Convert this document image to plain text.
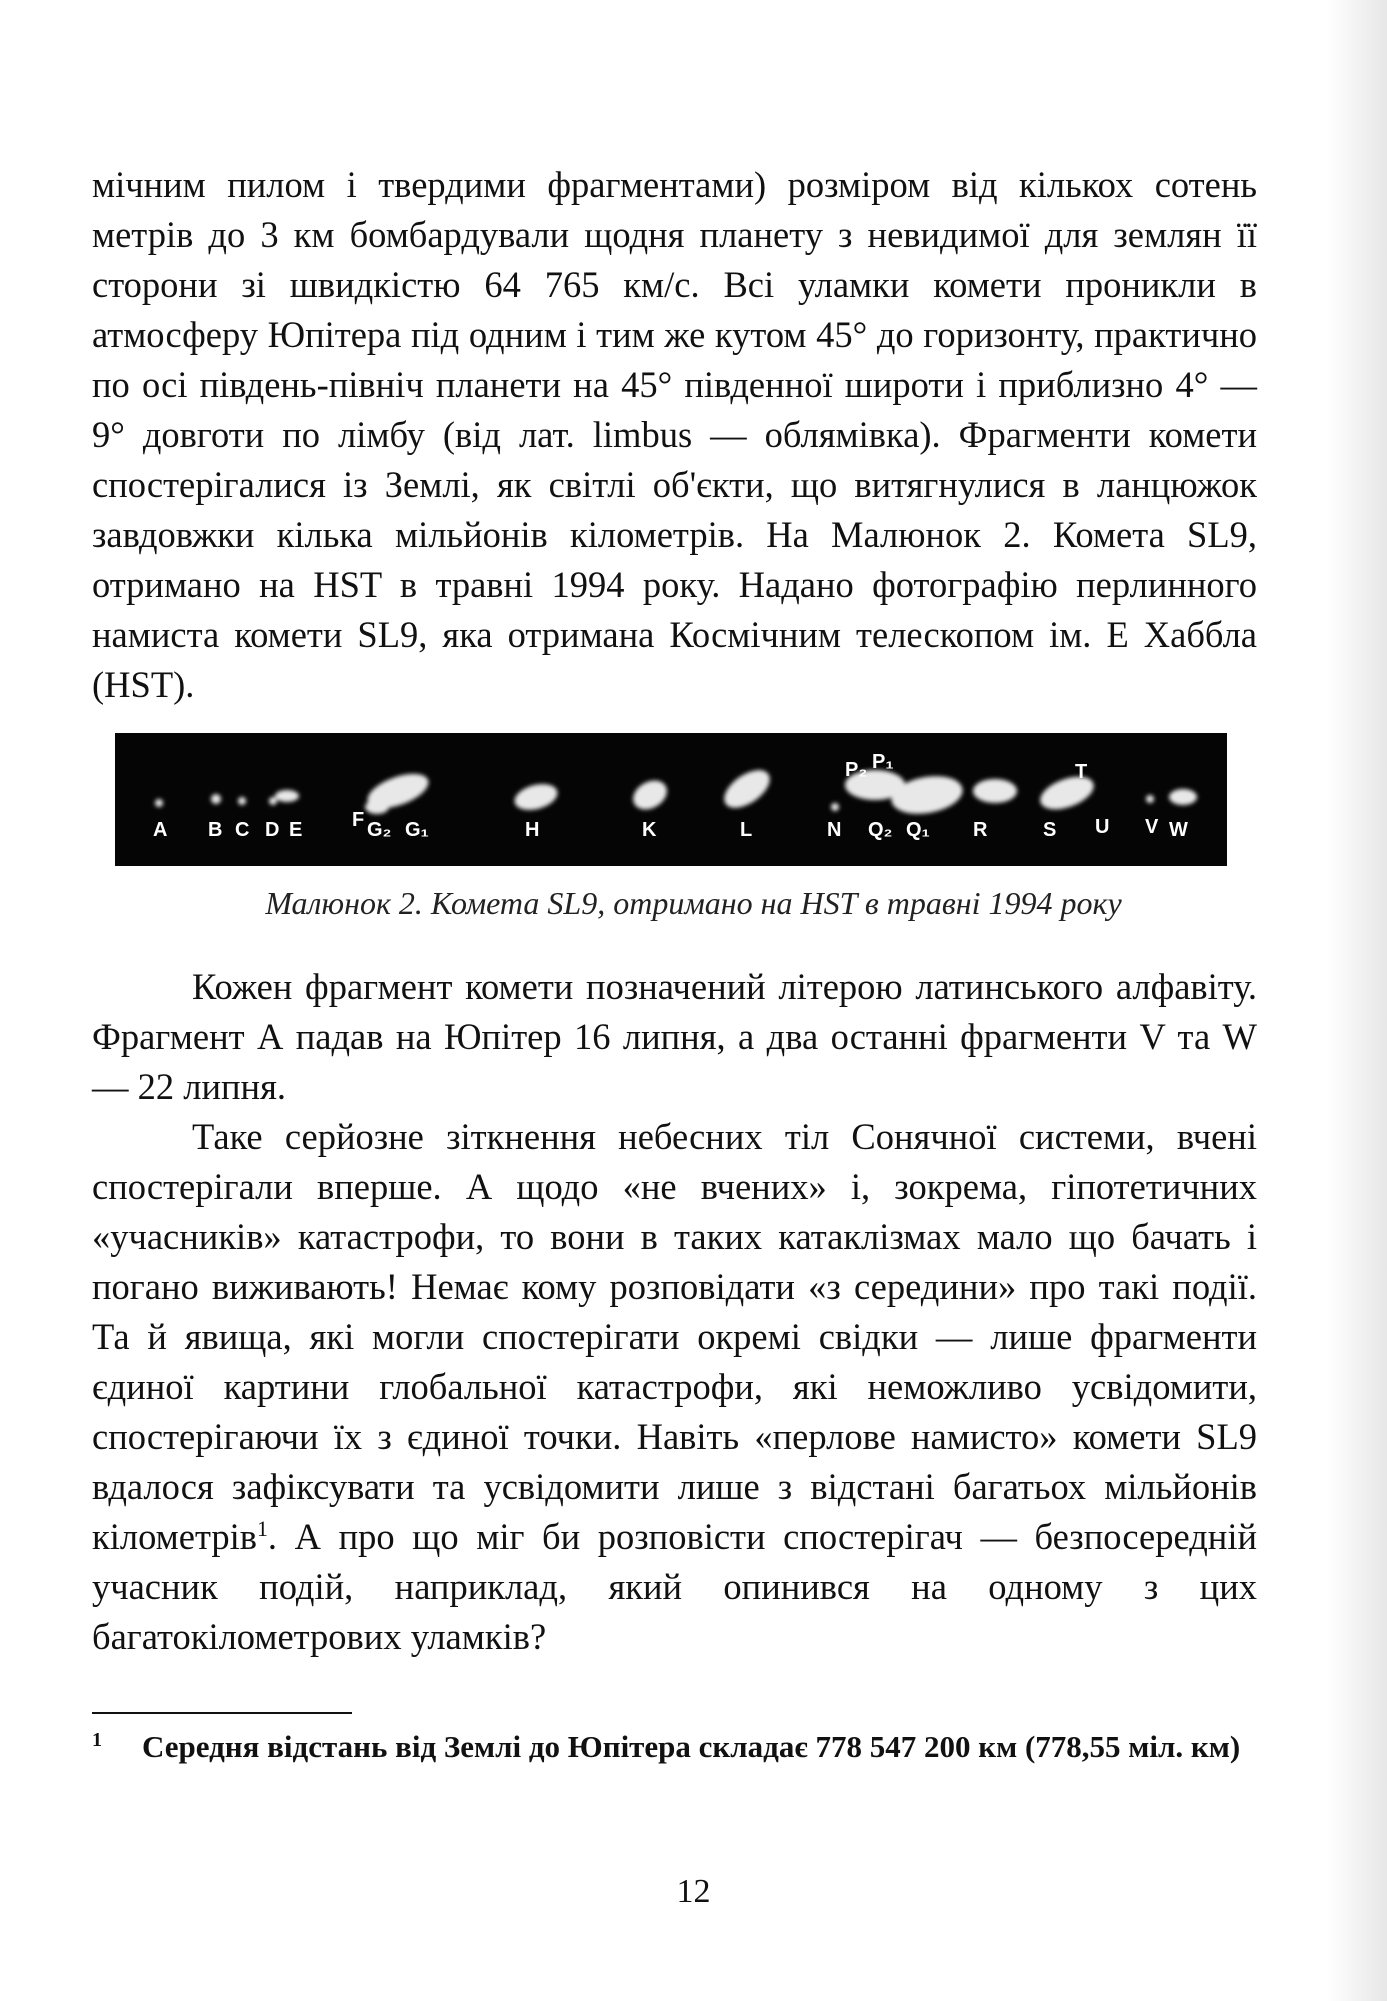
мічним пилом і твердими фрагментами) розміром від кількох сотень метрів до 3 км бомбардували щодня планету з невидимої для землян її сторони зі швидкістю 64 765 км/с. Всі уламки комети проникли в атмосферу Юпітера під одним і тим же кутом 45° до горизонту, практично по осі південь-північ планети на 45° південної широти і приблизно 4° — 9° довготи по лімбу (від лат. limbus — облямівка). Фрагменти комети спостерігалися із Землі, як світлі об'єкти, що витягнулися в ланцюжок завдовжки кілька мільйонів кілометрів. На Малюнок 2. Комета SL9, отримано на HST в травні 1994 року. Надано фотографію перлинного намиста комети SL9, яка отримана Космічним телескопом ім. Е Хаббла (HST).

A B C D E F G₂ G₁	H	K	L
P₂ P₁
N Q₂ Q₁ R	S
T
U V W
Малюнок 2. Комета SL9, отримано на HST в травні 1994 року

Кожен фрагмент комети позначений літерою латинського алфавіту. Фрагмент А падав на Юпітер 16 липня, а два останні фрагменти V та W — 22 липня.

Таке серйозне зіткнення небесних тіл Сонячної системи, вчені спостерігали вперше. А щодо «не вчених» і, зокрема, гіпотетичних «учасників» катастрофи, то вони в таких катаклізмах мало що бачать і погано виживають! Немає кому розповідати «з середини» про такі події. Та й явища, які могли спостерігати окремі свідки — лише фрагменти єдиної картини глобальної катастрофи, які неможливо усвідомити, спостерігаючи їх з єдиної точки. Навіть «перлове намисто» комети SL9 вдалося зафіксувати та усвідомити лише з відстані багатьох мільйонів кілометрів$^1$. А про що міг би розповісти спостерігач — безпосередній учасник подій, наприклад, який опинився на одному з цих багатокілометрових уламків?

1	Середня відстань від Землі до Юпітера складає 778 547 200 км (778,55 міл. км)
12
